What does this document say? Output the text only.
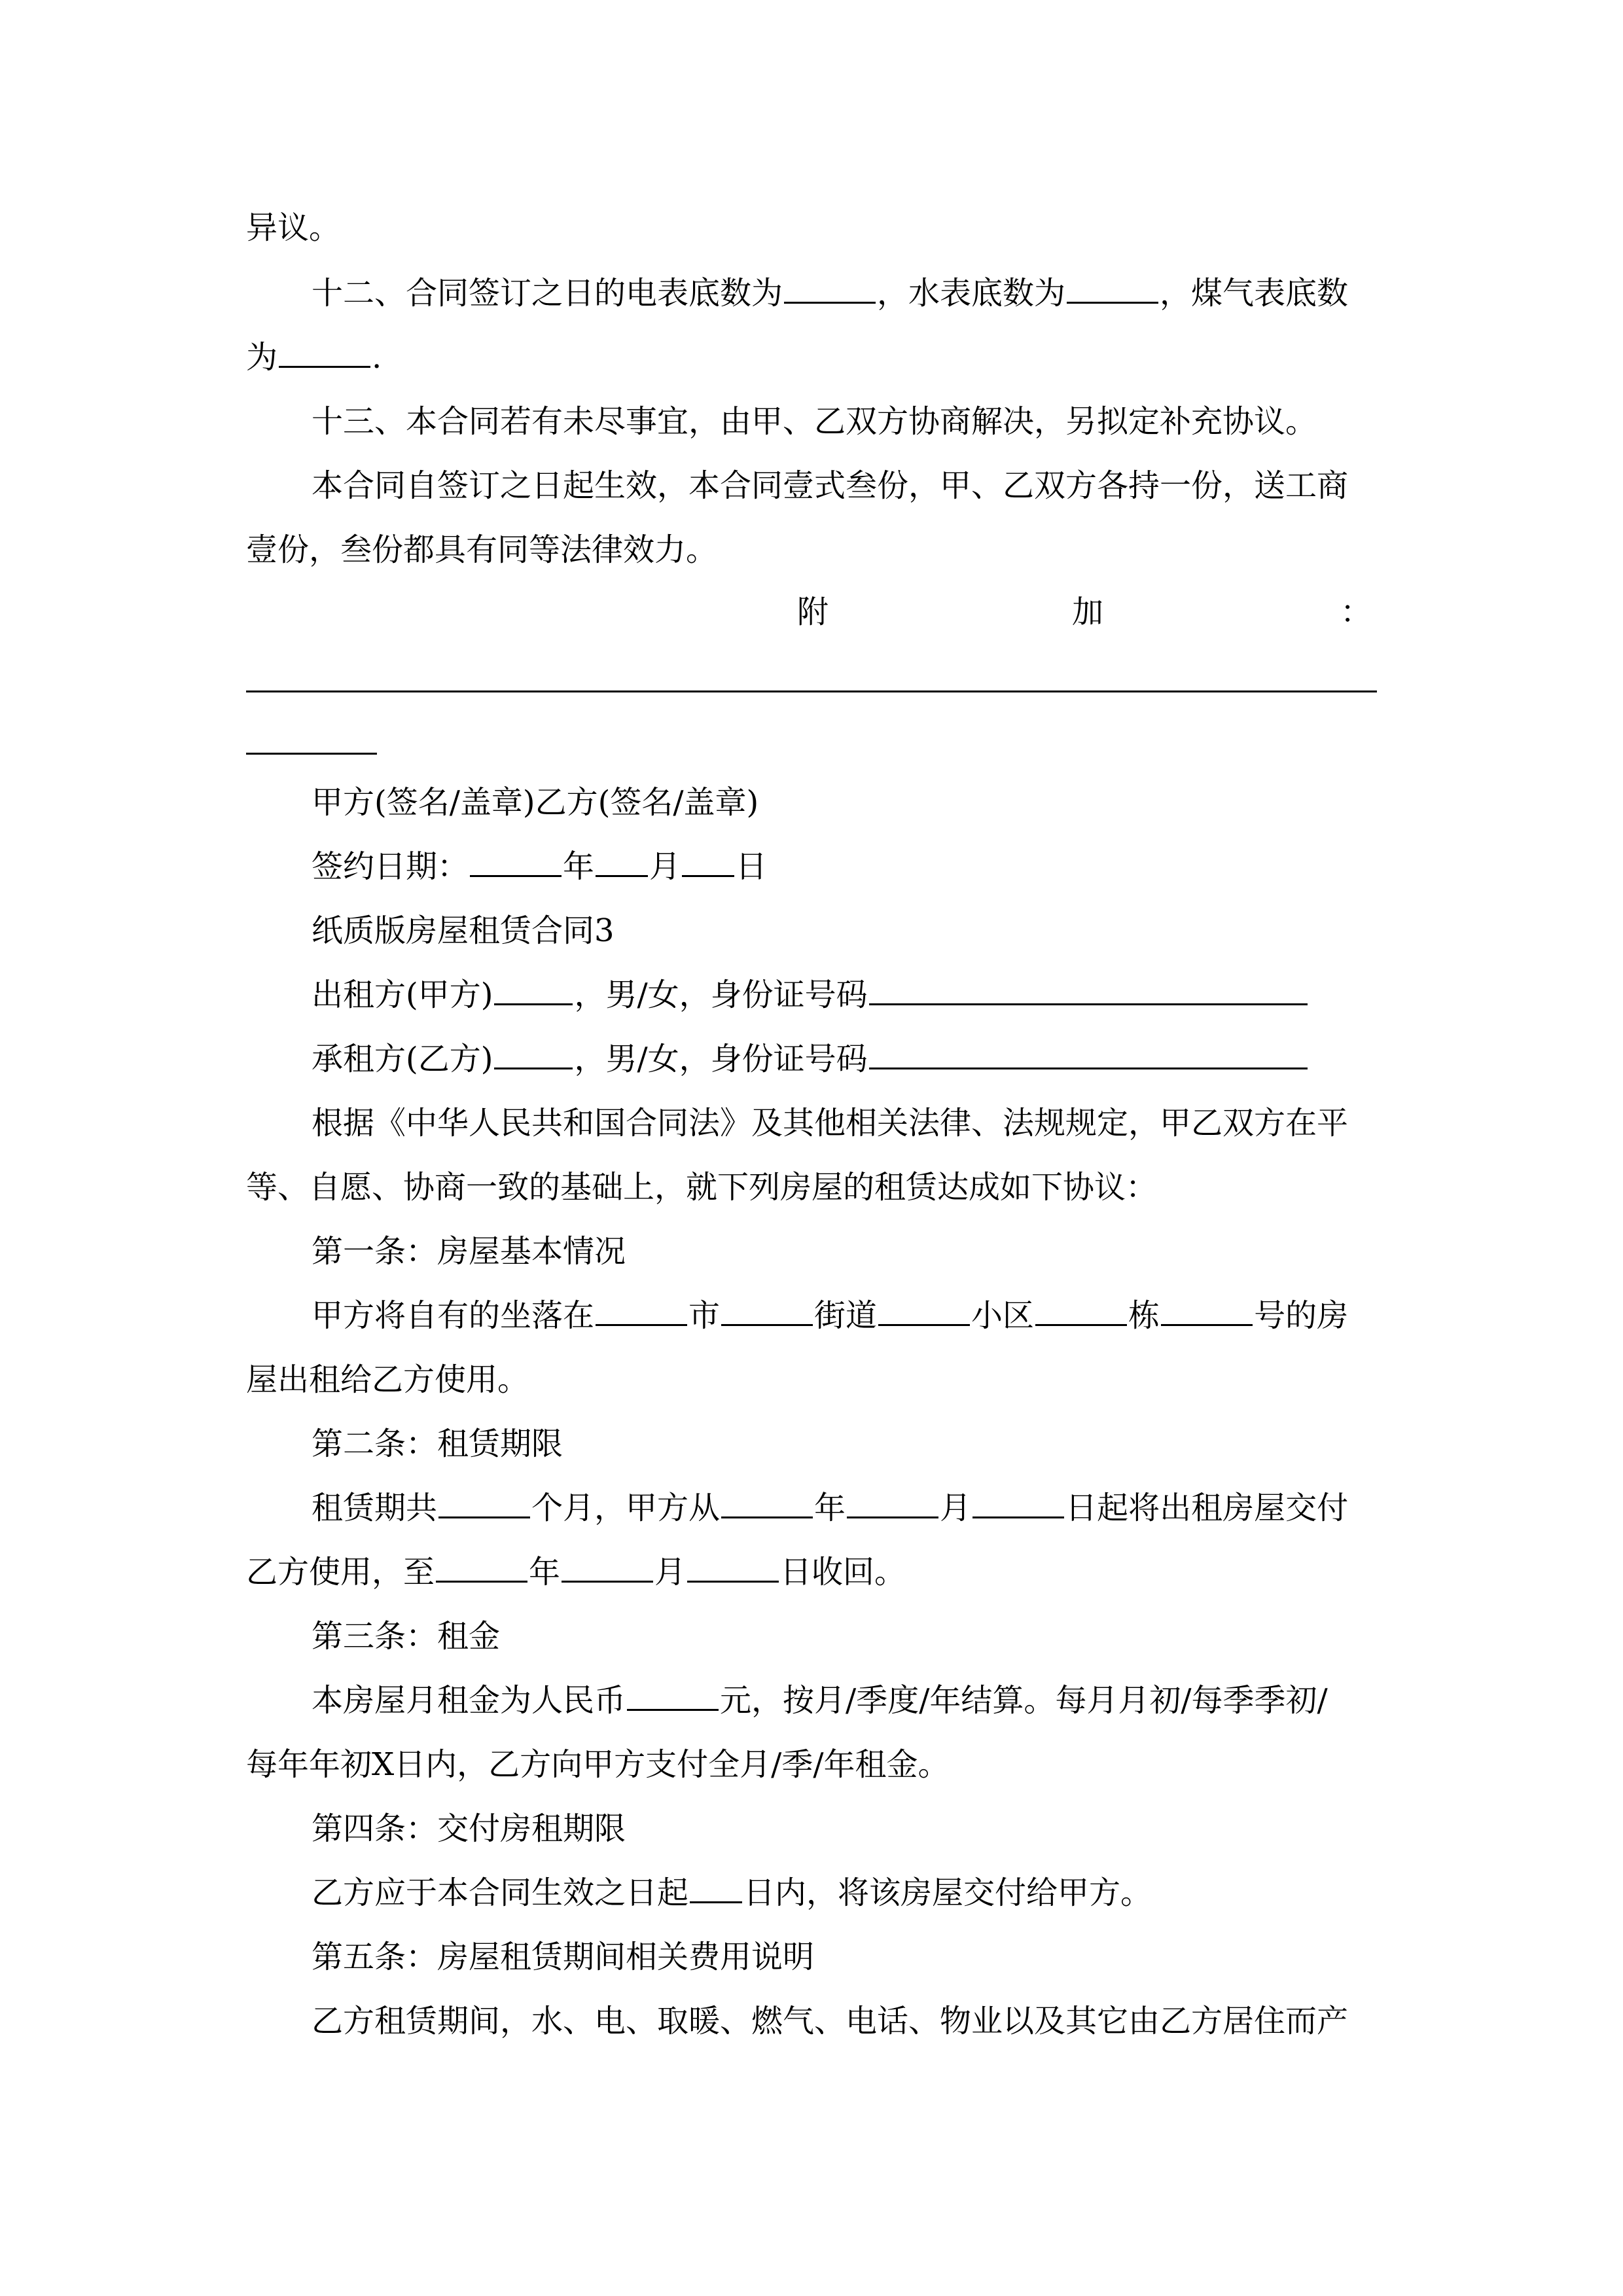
异议。
十二、合同签订之日的电表底数为	，水表底数为	，煤气表底数
为	.
十三、本合同若有未尽事宜，由甲、乙双方协商解决，另拟定补充协议。
本合同自签订之日起生效，本合同壹式叁份，甲、乙双方各持一份，送工商
壹份，叁份都具有同等法律效力。
附	加	：
甲方(签名/盖章)乙方(签名/盖章)
签约日期：	年 月 日
纸质版房屋租赁合同3
出租方(甲方)	，男/女，身份证号码
承租方(乙方)	，男/女，身份证号码
根据《中华人民共和国合同法》及其他相关法律、法规规定，甲乙双方在平
等、自愿、协商一致的基础上，就下列房屋的租赁达成如下协议：
第一条：房屋基本情况
甲方将自有的坐落在	市	街道	小区	栋	号的房
屋出租给乙方使用。
第二条：租赁期限
租赁期共	个月，甲方从	年	月	日起将出租房屋交付
乙方使用，至	年	月	日收回。
第三条：租金
本房屋月租金为人民币	元，按月/季度/年结算。每月月初/每季季初/
每年年初X日内，乙方向甲方支付全月/季/年租金。
第四条：交付房租期限
乙方应于本合同生效之日起 日内，将该房屋交付给甲方。
第五条：房屋租赁期间相关费用说明
乙方租赁期间，水、电、取暖、燃气、电话、物业以及其它由乙方居住而产
